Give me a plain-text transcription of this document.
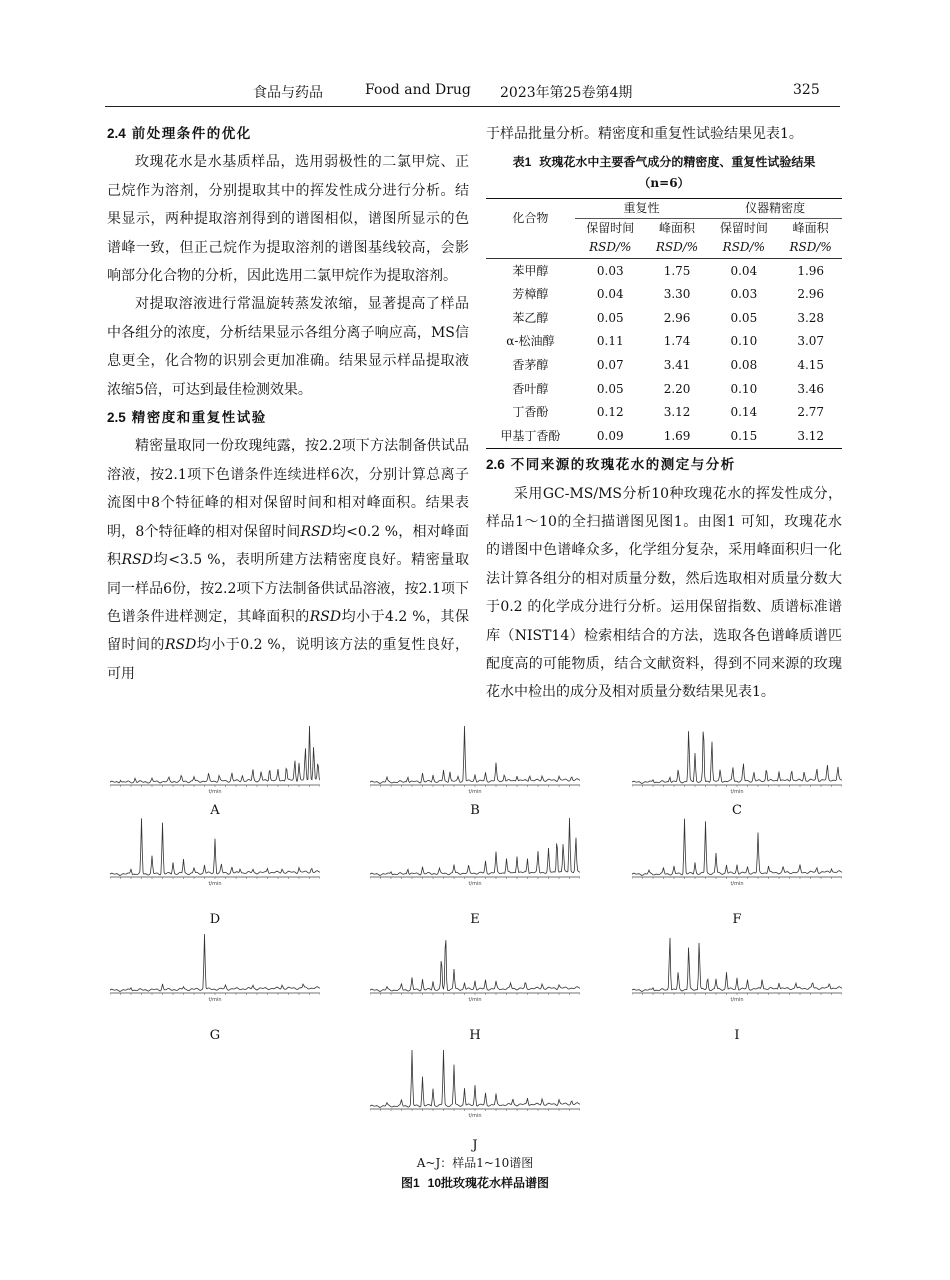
食品与药品	Food and Drug 2023年第25卷第4期	325
2.4 前处理条件的优化

玫瑰花水是水基质样品，选用弱极性的二氯甲烷、正己烷作为溶剂，分别提取其中的挥发性成分进行分析。结果显示，两种提取溶剂得到的谱图相似，谱图所显示的色谱峰一致，但正己烷作为提取溶剂的谱图基线较高，会影响部分化合物的分析，因此选用二氯甲烷作为提取溶剂。

对提取溶液进行常温旋转蒸发浓缩，显著提高了样品中各组分的浓度，分析结果显示各组分离子响应高，MS信息更全，化合物的识别会更加准确。结果显示样品提取液浓缩5倍，可达到最佳检测效果。

2.5 精密度和重复性试验

精密量取同一份玫瑰纯露，按2.2项下方法制备供试品溶液，按2.1项下色谱条件连续进样6次，分别计算总离子流图中8个特征峰的相对保留时间和相对峰面积。结果表明，8个特征峰的相对保留时间RSD均<0.2 %，相对峰面积RSD均<3.5 %，表明所建方法精密度良好。精密量取同一样品6份，按2.2项下方法制备供试品溶液，按2.1项下色谱条件进样测定，其峰面积的RSD均小于4.2 %，其保留时间的RSD均小于0.2 %，说明该方法的重复性良好，可用

于样品批量分析。精密度和重复性试验结果见表1。

表1 玫瑰花水中主要香气成分的精密度、重复性试验结果
（n=6）
化合物	重复性		仪器精密度	
	保留时间	峰面积	保留时间	峰面积
	RSD/%	RSD/%	RSD/%	RSD/%
苯甲醇	0.03	1.75	0.04	1.96
芳樟醇	0.04	3.30	0.03	2.96
苯乙醇	0.05	2.96	0.05	3.28
α-松油醇	0.11	1.74	0.10	3.07
香茅醇	0.07	3.41	0.08	4.15
香叶醇	0.05	2.20	0.10	3.46
丁香酚	0.12	3.12	0.14	2.77
甲基丁香酚	0.09	1.69	0.15	3.12
2.6 不同来源的玫瑰花水的测定与分析

采用GC-MS/MS分析10种玫瑰花水的挥发性成分，样品1～10的全扫描谱图见图1。由图1 可知，玫瑰花水的谱图中色谱峰众多，化学组分复杂，采用峰面积归一化法计算各组分的相对质量分数，然后选取相对质量分数大于0.2 的化学成分进行分析。运用保留指数、质谱标准谱库（NIST14）检索相结合的方法，选取各色谱峰质谱匹配度高的可能物质，结合文献资料，得到不同来源的玫瑰花水中检出的成分及相对质量分数结果见表1。

t/min
A
t/min
B
t/min
C
t/min
D
t/min
E
t/min
F
t/min
G
t/min
H
t/min
I
t/min
J
A~J：样品1~10谱图
图1 10批玫瑰花水样品谱图
